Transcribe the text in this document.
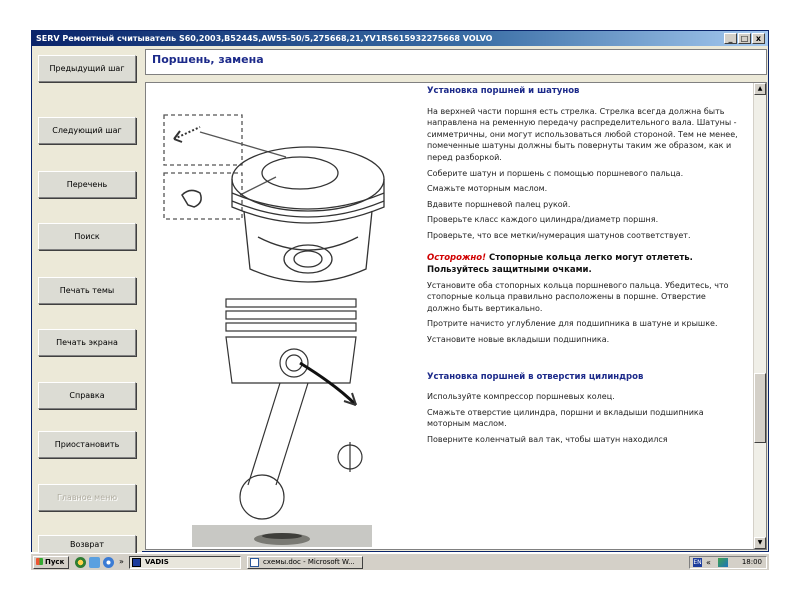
SERV Ремонтный считыватель S60,2003,B5244S,AW55-50/5,275668,21,YV1RS615932275668 VOLVO	_	□ x
Предыдущий шаг
Следующий шаг
Перечень
Поиск
Печать темы
Печать экрана
Справка
Приостановить
Главное меню
Возврат
Поршень, замена
Установка поршней и шатунов

На верхней части поршня есть стрелка. Стрелка всегда должна быть направлена на ременную передачу распределительного вала. Шатуны - симметричны, они могут использоваться любой стороной. Тем не менее, помеченные шатуны должны быть повернуты таким же образом, как и перед разборкой.

Соберите шатун и поршень с помощью поршневого пальца.

Смажьте моторным маслом.

Вдавите поршневой палец рукой.

Проверьте класс каждого цилиндра/диаметр поршня.

Проверьте, что все метки/нумерация шатунов соответствует.

Осторожно! Стопорные кольца легко могут отлететь. Пользуйтесь защитными очками.

Установите оба стопорных кольца поршневого пальца. Убедитесь, что стопорные кольца правильно расположены в поршне. Отверстие должно быть вертикально.

Протрите начисто углубление для подшипника в шатуне и крышке.

Установите новые вкладыши подшипника.

Установка поршней в отверстия цилиндров

Используйте компрессор поршневых колец.

Смажьте отверстие цилиндра, поршни и вкладыши подшипника моторным маслом.

Поверните коленчатый вал так, чтобы шатун находился

▲
▼
Пуск	»	VADIS	схемы.doc - Microsoft W...	EN «	18:00
